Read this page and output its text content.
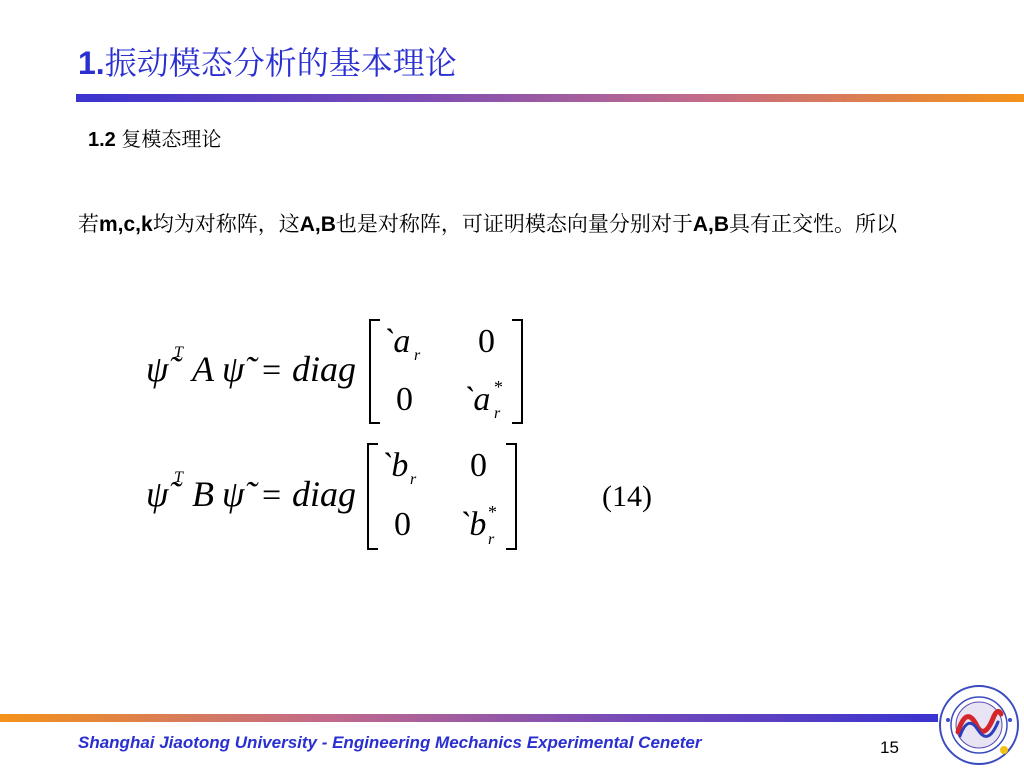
1.振动模态分析的基本理论
1.2 复模态理论
若m,c,k均为对称阵，这A,B也是对称阵，可证明模态向量分别对于A,B具有正交性。所以
ψ̃ T A ψ̃ = diag
`a r 0
0 `a *
r
ψ̃ T B ψ̃ = diag
`b r 0
0 `b *
r
(14)
Shanghai Jiaotong University - Engineering Mechanics Experimental Ceneter	15
